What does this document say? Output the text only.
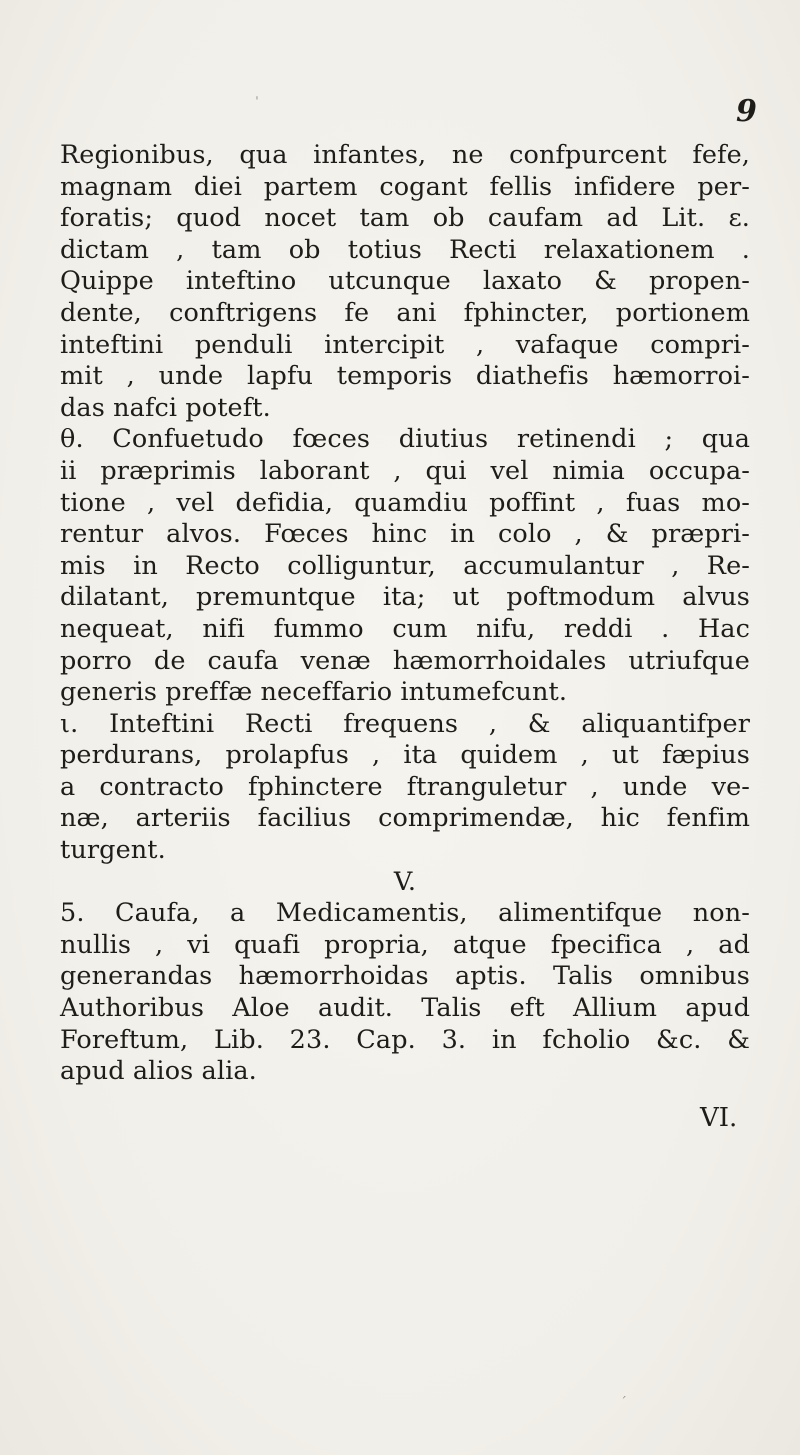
9
Regionibus, qua infantes, ne confpurcent fefe,
magnam diei partem cogant fellis infidere per-
foratis; quod nocet tam ob caufam ad Lit. ε.
dictam , tam ob totius Recti relaxationem .
Quippe inteftino utcunque laxato & propen-
dente, conftrigens fe ani fphincter, portionem
inteftini penduli intercipit , vafaque compri-
mit , unde lapfu temporis diathefis hæmorroi-
das nafci poteft.
θ. Confuetudo fœces diutius retinendi ; qua
ii præprimis laborant , qui vel nimia occupa-
tione , vel defidia, quamdiu poffint , fuas mo-
rentur alvos. Fœces hinc in colo , & præpri-
mis in Recto colliguntur, accumulantur , Re-
dilatant, premuntque ita; ut poftmodum alvus
nequeat, nifi fummo cum nifu, reddi . Hac
porro de caufa venæ hæmorrhoidales utriufque
generis preffæ neceffario intumefcunt.
ι. Inteftini Recti frequens , & aliquantifper
perdurans, prolapfus , ita quidem , ut fæpius
a contracto fphinctere ftranguletur , unde ve-
næ, arteriis facilius comprimendæ, hic fenfim
turgent.
V.
5. Caufa, a Medicamentis, alimentifque non-
nullis , vi quafi propria, atque fpecifica , ad
generandas hæmorrhoidas aptis. Talis omnibus
Authoribus Aloe audit. Talis eft Allium apud
Foreftum, Lib. 23. Cap. 3. in fcholio &c. &
apud alios alia.
VI.
ˈ
ˊ
